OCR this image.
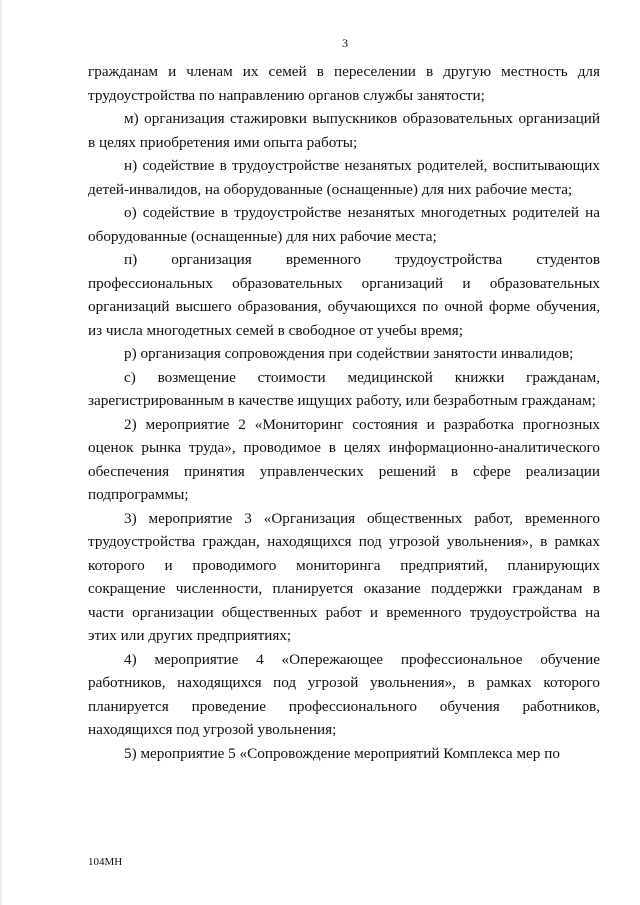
3

гражданам и членам их семей в переселении в другую местность для трудоустройства по направлению органов службы занятости;

м) организация стажировки выпускников образовательных организаций в целях приобретения ими опыта работы;

н) содействие в трудоустройстве незанятых родителей, воспитывающих детей-инвалидов, на оборудованные (оснащенные) для них рабочие места;

о) содействие в трудоустройстве незанятых многодетных родителей на оборудованные (оснащенные) для них рабочие места;

п) организация временного трудоустройства студентов профессиональных образовательных организаций и образовательных организаций высшего образования, обучающихся по очной форме обучения, из числа многодетных семей в свободное от учебы время;

р) организация сопровождения при содействии занятости инвалидов;

с) возмещение стоимости медицинской книжки гражданам, зарегистрированным в качестве ищущих работу, или безработным гражданам;

2) мероприятие 2 «Мониторинг состояния и разработка прогнозных оценок рынка труда», проводимое в целях информационно-аналитического обеспечения принятия управленческих решений в сфере реализации подпрограммы;

3) мероприятие 3 «Организация общественных работ, временного трудоустройства граждан, находящихся под угрозой увольнения», в рамках которого и проводимого мониторинга предприятий, планирующих сокращение численности, планируется оказание поддержки гражданам в части организации общественных работ и временного трудоустройства на этих или других предприятиях;

4) мероприятие 4 «Опережающее профессиональное обучение работников, находящихся под угрозой увольнения», в рамках которого планируется проведение профессионального обучения работников, находящихся под угрозой увольнения;

5) мероприятие 5 «Сопровождение мероприятий Комплекса мер по

104МН
